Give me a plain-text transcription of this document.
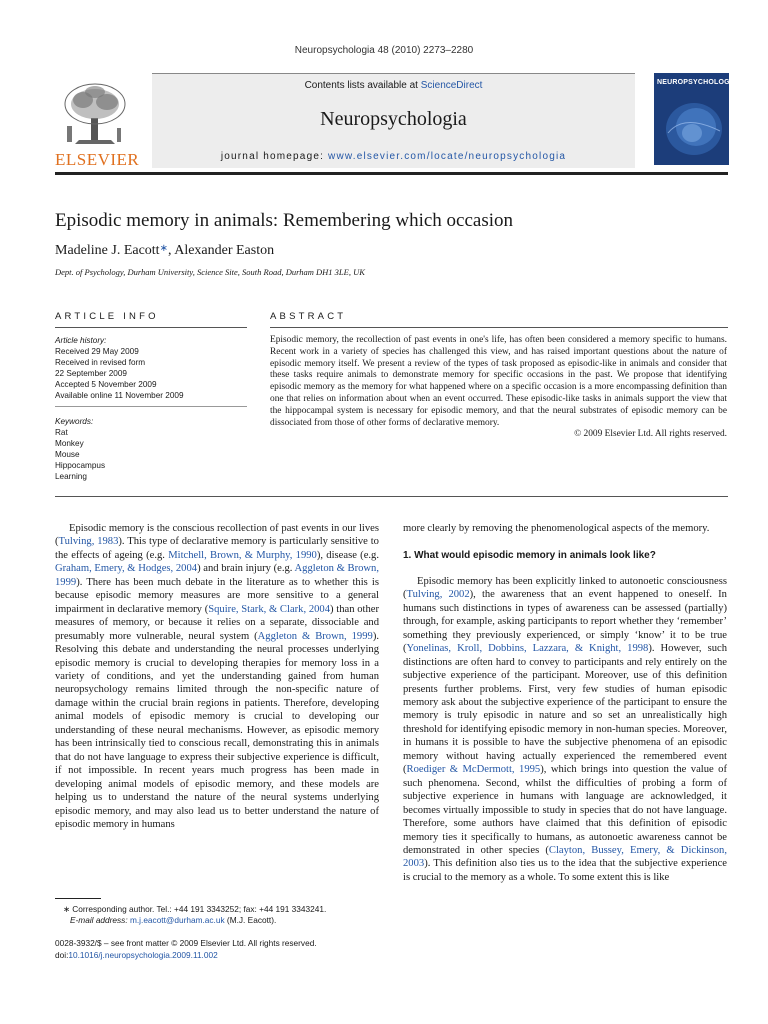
Neuropsychologia 48 (2010) 2273–2280
ELSEVIER
Contents lists available at ScienceDirect
Neuropsychologia
journal homepage: www.elsevier.com/locate/neuropsychologia
NEUROPSYCHOLOGIA
Episodic memory in animals: Remembering which occasion
Madeline J. Eacott∗, Alexander Easton
Dept. of Psychology, Durham University, Science Site, South Road, Durham DH1 3LE, UK
ARTICLE INFO
Article history:
Received 29 May 2009
Received in revised form
22 September 2009
Accepted 5 November 2009
Available online 11 November 2009
Keywords:
Rat
Monkey
Mouse
Hippocampus
Learning
ABSTRACT

Episodic memory, the recollection of past events in one's life, has often been considered a memory specific to humans. Recent work in a variety of species has challenged this view, and has raised important questions about the nature of episodic memory itself. We present a review of the types of task proposed as episodic-like in animals and consider that these tasks require animals to demonstrate memory for specific occasions in the past. We propose that identifying episodic memory as the memory for what happened where on a specific occasion is a more encompassing definition than one that relies on information about when an event occurred. These episodic-like tasks in animals support the view that the hippocampal system is necessary for episodic memory, and that the neural substrates of episodic memory can be dissociated from those of other forms of declarative memory.

© 2009 Elsevier Ltd. All rights reserved.

Episodic memory is the conscious recollection of past events in our lives (Tulving, 1983). This type of declarative memory is particularly sensitive to the effects of ageing (e.g. Mitchell, Brown, & Murphy, 1990), disease (e.g. Graham, Emery, & Hodges, 2004) and brain injury (e.g. Aggleton & Brown, 1999). There has been much debate in the literature as to whether this is because episodic memory measures are more sensitive to a general impairment in declarative memory (Squire, Stark, & Clark, 2004) than other measures of memory, or because it relies on a separate, dissociable and presumably more vulnerable, neural system (Aggleton & Brown, 1999). Resolving this debate and understanding the neural processes underlying episodic memory is crucial to developing therapies for memory loss in a variety of conditions, and yet the understanding gained from human neuropsychology remains limited through the non-specific nature of damage within the crucial brain regions in patients. Therefore, developing animal models of episodic memory is crucial to developing our understanding of these neural mechanisms. However, as episodic memory has been intrinsically tied to conscious recall, demonstrating this in animals that do not have language to express their subjective experience is difficult, if not impossible. In recent years much progress has been made in developing animal models of episodic memory, and these models are helping us to understand the nature of the neural systems underlying episodic memory, and may also lead us to better understand the nature of episodic memory in humans

more clearly by removing the phenomenological aspects of the memory.

1. What would episodic memory in animals look like?

Episodic memory has been explicitly linked to autonoetic consciousness (Tulving, 2002), the awareness that an event happened to oneself. In humans such distinctions in types of awareness can be assessed (partially) through, for example, asking participants to report whether they ‘remember’ something they previously experienced, or simply ‘know’ it to be true (Yonelinas, Kroll, Dobbins, Lazzara, & Knight, 1998). However, such distinctions are often hard to convey to participants and rely entirely on the subjective experience of the participant. Moreover, use of this definition presents further problems. First, very few studies of human episodic memory ask about the subjective experience of the participant to ensure the memory is truly episodic in nature and so set an unrealistically high threshold for identifying episodic memory in non-human species. Moreover, in humans it is possible to have the subjective phenomena of an episodic memory without having actually experienced the remembered event (Roediger & McDermott, 1995), which brings into question the value of such phenomena. Second, whilst the difficulties of probing a form of subjective experience in humans with language are acknowledged, it becomes virtually impossible to study in species that do not have language. Therefore, some authors have claimed that this definition of episodic memory ties it specifically to humans, as autonoetic awareness cannot be demonstrated in other species (Clayton, Bussey, Emery, & Dickinson, 2003). This definition also ties us to the idea that the subjective experience is crucial to the memory as a whole. To some extent this is like

∗ Corresponding author. Tel.: +44 191 3343252; fax: +44 191 3343241.
E-mail address: m.j.eacott@durham.ac.uk (M.J. Eacott).
0028-3932/$ – see front matter © 2009 Elsevier Ltd. All rights reserved.
doi:10.1016/j.neuropsychologia.2009.11.002
